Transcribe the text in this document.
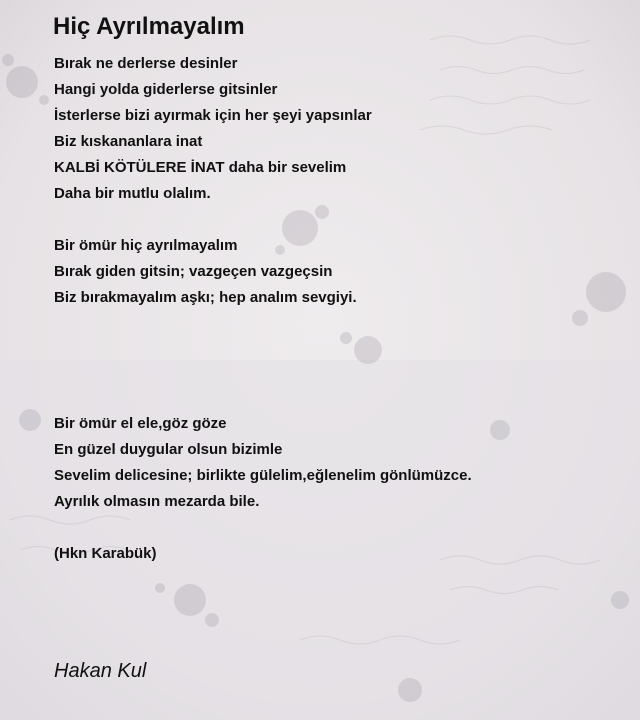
Hiç Ayrılmayalım
Bırak ne derlerse desinler
Hangi yolda giderlerse gitsinler
İsterlerse bizi ayırmak için her şeyi yapsınlar
Biz kıskananlara inat
KALBİ KÖTÜLERE İNAT daha bir sevelim
Daha bir mutlu olalım.
Bir ömür hiç ayrılmayalım
Bırak giden gitsin; vazgeçen vazgeçsin
Biz bırakmayalım aşkı; hep analım sevgiyi.
Bir ömür el ele,göz göze
En güzel duygular olsun bizimle
Sevelim delicesine; birlikte gülelim,eğlenelim gönlümüzce.
Ayrılık olmasın mezarda bile.
(Hkn Karabük)
Hakan Kul
